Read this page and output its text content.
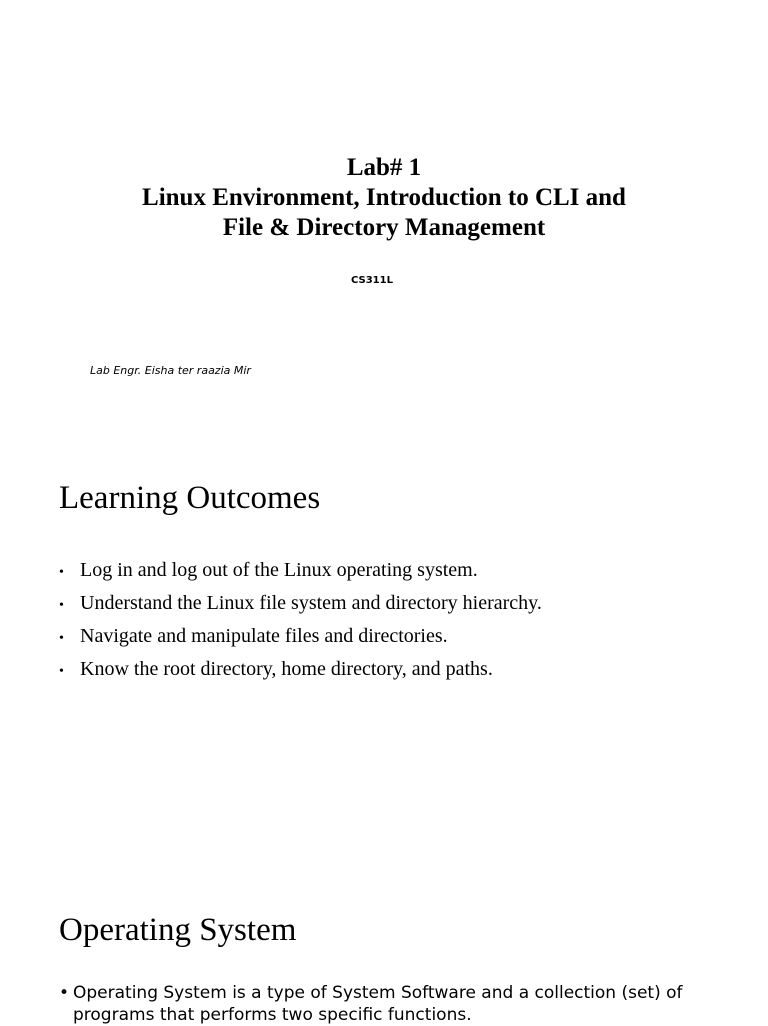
Lab# 1
Linux Environment, Introduction to CLI and
File & Directory Management
CS311L
Lab Engr. Eisha ter raazia Mir
Learning Outcomes
• Log in and log out of the Linux operating system.
• Understand the Linux file system and directory hierarchy.
• Navigate and manipulate files and directories.
• Know the root directory, home directory, and paths.
Operating System
• Operating System is a type of System Software and a collection (set) of programs that performs two specific functions.
